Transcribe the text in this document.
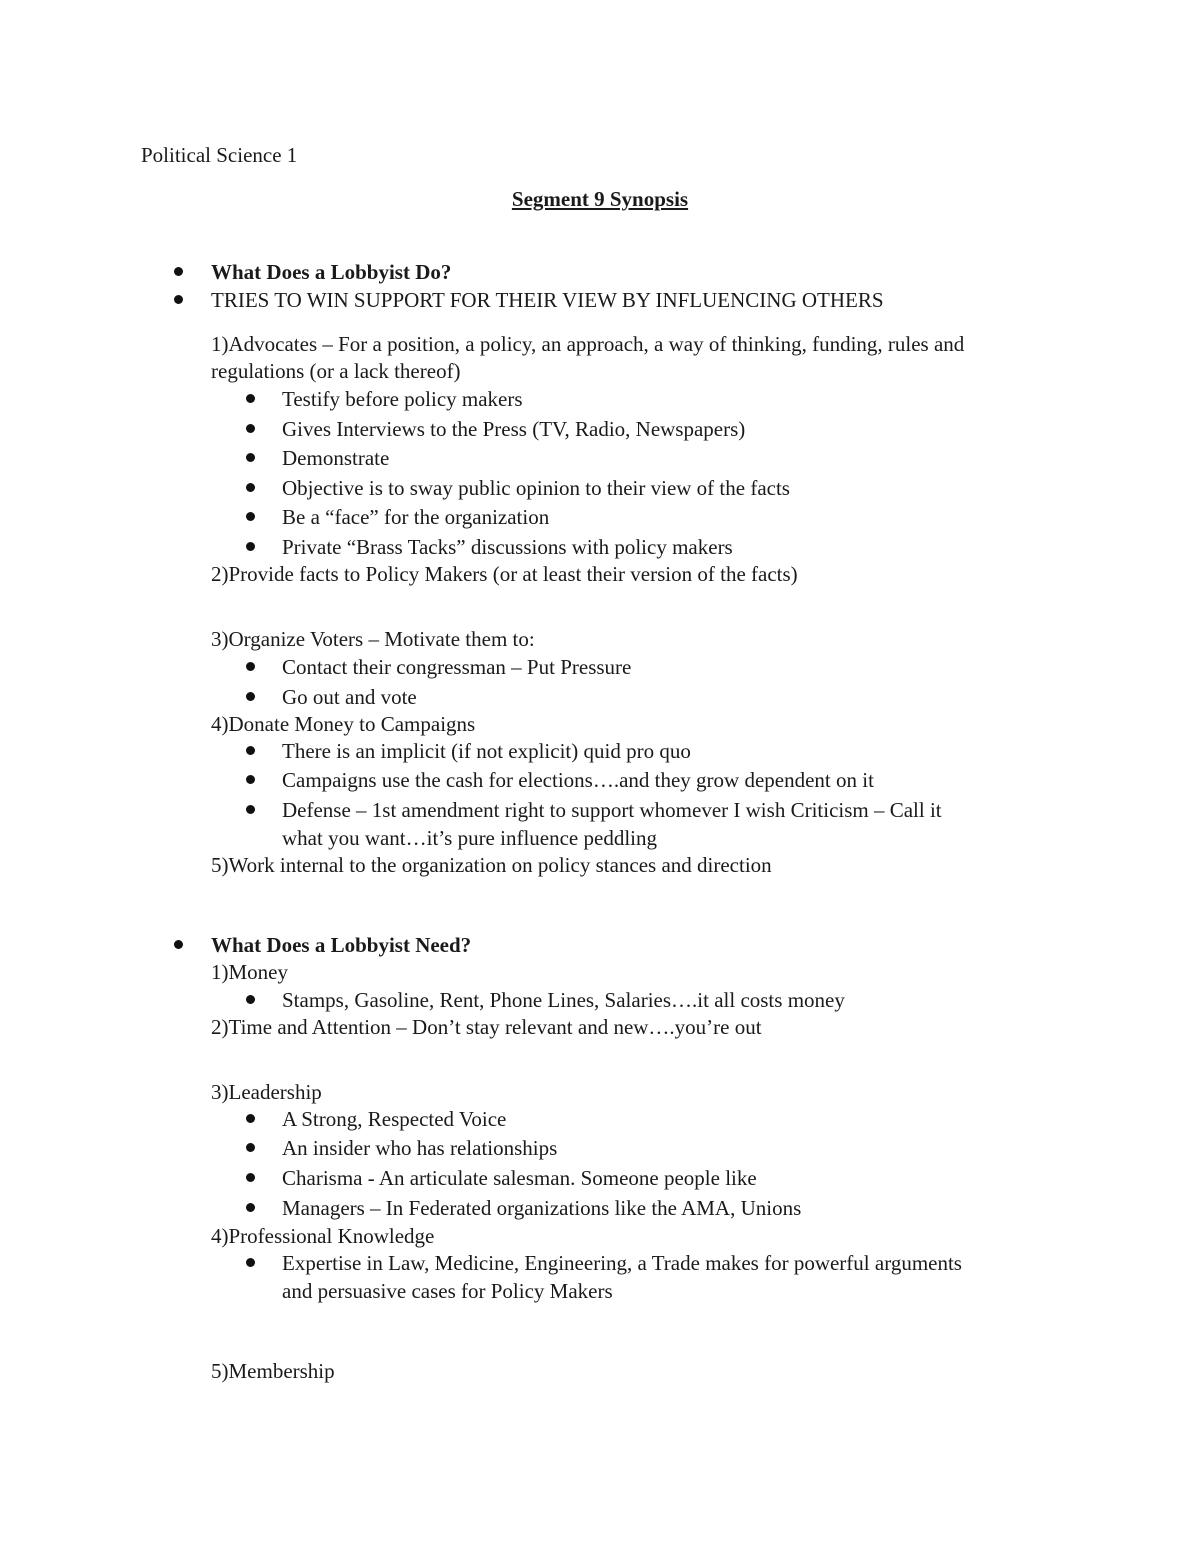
Political Science 1
Segment 9 Synopsis
What Does a Lobbyist Do?
TRIES TO WIN SUPPORT FOR THEIR VIEW BY INFLUENCING OTHERS
1)Advocates – For a position, a policy, an approach, a way of thinking, funding, rules and
regulations (or a lack thereof)
Testify before policy makers
Gives Interviews to the Press (TV, Radio, Newspapers)
Demonstrate
Objective is to sway public opinion to their view of the facts
Be a “face” for the organization
Private “Brass Tacks” discussions with policy makers
2)Provide facts to Policy Makers (or at least their version of the facts)
3)Organize Voters – Motivate them to:
Contact their congressman – Put Pressure
Go out and vote
4)Donate Money to Campaigns
There is an implicit (if not explicit) quid pro quo
Campaigns use the cash for elections….and they grow dependent on it
Defense – 1st amendment right to support whomever I wish Criticism – Call it
what you want…it’s pure influence peddling
5)Work internal to the organization on policy stances and direction
What Does a Lobbyist Need?
1)Money
Stamps, Gasoline, Rent, Phone Lines, Salaries….it all costs money
2)Time and Attention – Don’t stay relevant and new….you’re out
3)Leadership
A Strong, Respected Voice
An insider who has relationships
Charisma - An articulate salesman. Someone people like
Managers – In Federated organizations like the AMA, Unions
4)Professional Knowledge
Expertise in Law, Medicine, Engineering, a Trade makes for powerful arguments
and persuasive cases for Policy Makers
5)Membership
